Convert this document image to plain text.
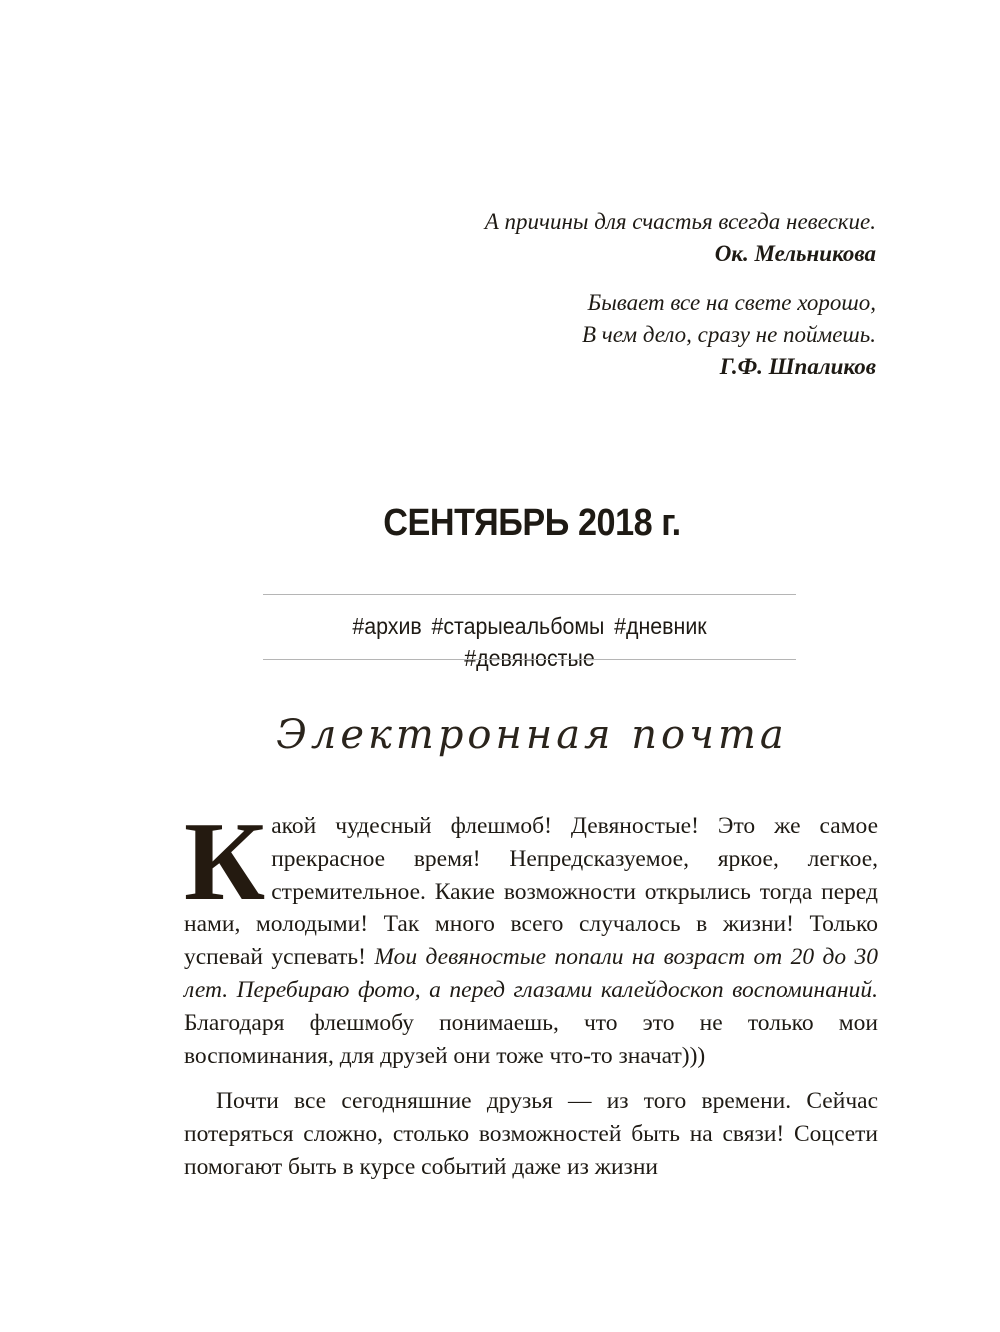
А причины для счастья всегда невеские.
Ок. Мельникова

Бывает все на свете хорошо,
В чем дело, сразу не поймешь.
Г.Ф. Шпаликов

СЕНТЯБРЬ 2018 г.
#архив #старыеальбомы #дневник #девяностые
Электронная почта

Какой чудесный флешмоб! Девяностые! Это же самое прекрасное время! Непредсказуемое, яркое, легкое, стремительное. Какие возможности открылись тогда перед нами, молодыми! Так много всего случалось в жизни! Только успевай успевать! Мои девяностые попали на возраст от 20 до 30 лет. Перебираю фото, а перед глазами калейдоскоп воспоминаний. Благодаря флешмобу понимаешь, что это не только мои воспоминания, для друзей они тоже что-то значат)))

Почти все сегодняшние друзья — из того времени. Сейчас потеряться сложно, столько возможностей быть на связи! Соцсети помогают быть в курсе событий даже из жизни
